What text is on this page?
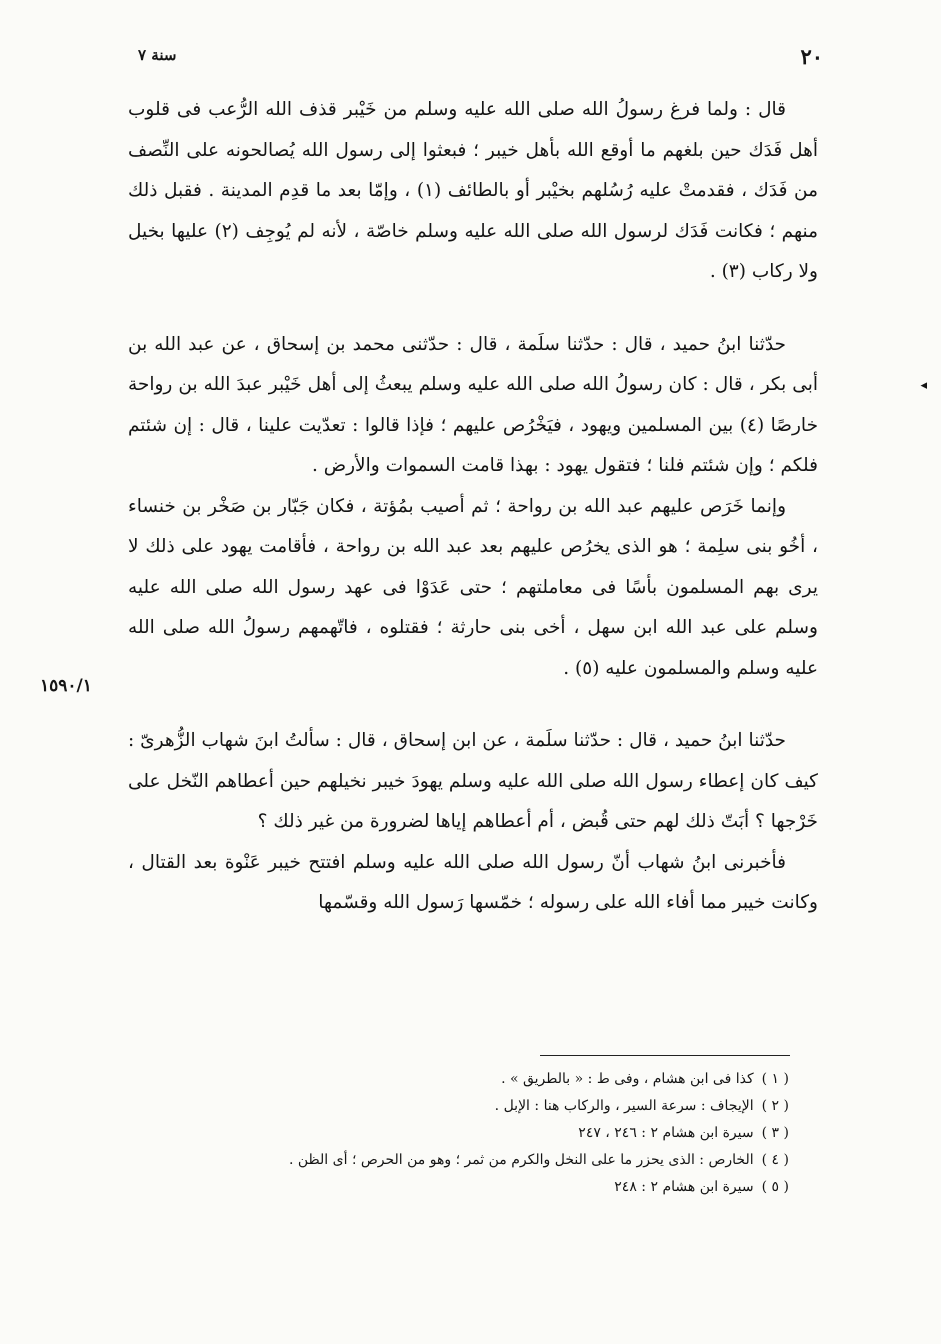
٢٠
سنة ٧

قال : ولما فرغ رسولُ الله صلى الله عليه وسلم من خَيْبر قذف الله الرُّعب فى قلوب أهل فَدَك حين بلغهم ما أوقع الله بأهل خيبر ؛ فبعثوا إلى رسول الله يُصالحونه على النِّصف من فَدَك ، فقدمتْ عليه رُسُلهم بخيْبر أو بالطائف (١) ، وإمّا بعد ما قدِم المدينة . فقبل ذلك منهم ؛ فكانت فَدَك لرسول الله صلى الله عليه وسلم خاصّة ، لأنه لم يُوجِف (٢) عليها بخيل ولا ركاب (٣) .

حدّثنا ابنُ حميد ، قال : حدّثنا سلَمة ، قال : حدّثنى محمد بن إسحاق ، عن عبد الله بن أبى بكر ، قال : كان رسولُ الله صلى الله عليه وسلم يبعثُ إلى أهل خَيْبر عبدَ الله بن رواحة خارصًا (٤) بين المسلمين ويهود ، فيَخْرُص عليهم ؛ فإذا قالوا : تعدّيت علينا ، قال : إن شئتم فلكم ؛ وإن شئتم فلنا ؛ فتقول يهود : بهذا قامت السموات والأرض .

وإنما خَرَص عليهم عبد الله بن رواحة ؛ ثم أصيب بمُؤتة ، فكان جَبّار بن صَخْر بن خنساء ، أخُو بنى سلِمة ؛ هو الذى يخرُص عليهم بعد عبد الله بن رواحة ، فأقامت يهود على ذلك لا يرى بهم المسلمون بأسًا فى معاملتهم ؛ حتى عَدَوْا فى عهد رسول الله صلى الله عليه وسلم على عبد الله ابن سهل ، أخى بنى حارثة ؛ فقتلوه ، فاتّهمهم رسولُ الله صلى الله عليه وسلم والمسلمون عليه (٥) .

حدّثنا ابنُ حميد ، قال : حدّثنا سلَمة ، عن ابن إسحاق ، قال : سألتُ ابنَ شهاب الزُّهرىّ : كيف كان إعطاء رسول الله صلى الله عليه وسلم يهودَ خيبر نخيلهم حين أعطاهم النّخل على خَرْجها ؟ أبَتّ ذلك لهم حتى قُبض ، أم أعطاهم إياها لضرورة من غير ذلك ؟

فأخبرنى ابنُ شهاب أنّ رسول الله صلى الله عليه وسلم افتتح خيبر عَنْوة بعد القتال ، وكانت خيبر مما أفاء الله على رسوله ؛ خمّسها رَسول الله وقسّمها

١٥٩٠/١
◂
( ١ )كذا فى ابن هشام ، وفى ط : « بالطريق » .
( ٢ )الإيجاف : سرعة السير ، والركاب هنا : الإبل .
( ٣ )سيرة ابن هشام ٢ : ٢٤٦ ، ٢٤٧
( ٤ )الخارص : الذى يحزر ما على النخل والكرم من ثمر ؛ وهو من الحرص ؛ أى الظن .
( ٥ )سيرة ابن هشام ٢ : ٢٤٨
